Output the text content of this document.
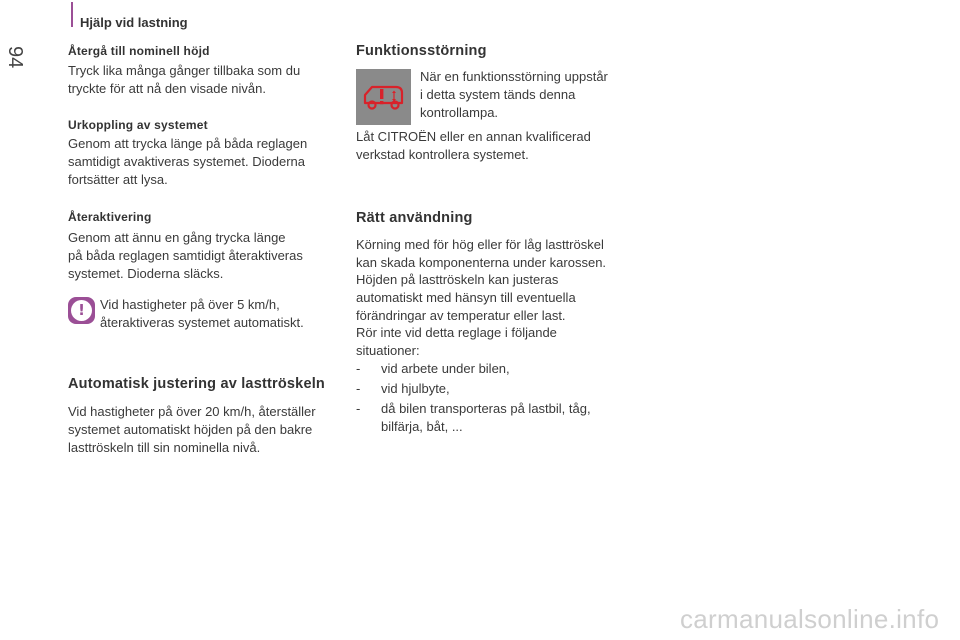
Hjälp vid lastning
94	Återgå till nominell höjd
Tryck lika många gånger tillbaka som du
tryckte för att nå den visade nivån.
Urkoppling av systemet
Genom att trycka länge på båda reglagen
samtidigt avaktiveras systemet. Dioderna
fortsätter att lysa.
Återaktivering
Genom att ännu en gång trycka länge
på båda reglagen samtidigt återaktiveras
systemet. Dioderna släcks.
!	Vid hastigheter på över 5 km/h,
återaktiveras systemet automatiskt.
Automatisk justering av lasttröskeln
Vid hastigheter på över 20 km/h, återställer
systemet automatiskt höjden på den bakre
lasttröskeln till sin nominella nivå.
Funktionsstörning
När en funktionsstörning uppstår
i detta system tänds denna
kontrollampa.
Låt CITROËN eller en annan kvalificerad
verkstad kontrollera systemet.
Rätt användning
Körning med för hög eller för låg lasttröskel
kan skada komponenterna under karossen.
Höjden på lasttröskeln kan justeras
automatiskt med hänsyn till eventuella
förändringar av temperatur eller last.
Rör inte vid detta reglage i följande
situationer:
- vid arbete under bilen,
- vid hjulbyte,
- då bilen transporteras på lastbil, tåg,
bilfärja, båt, ...
carmanualsonline.info
